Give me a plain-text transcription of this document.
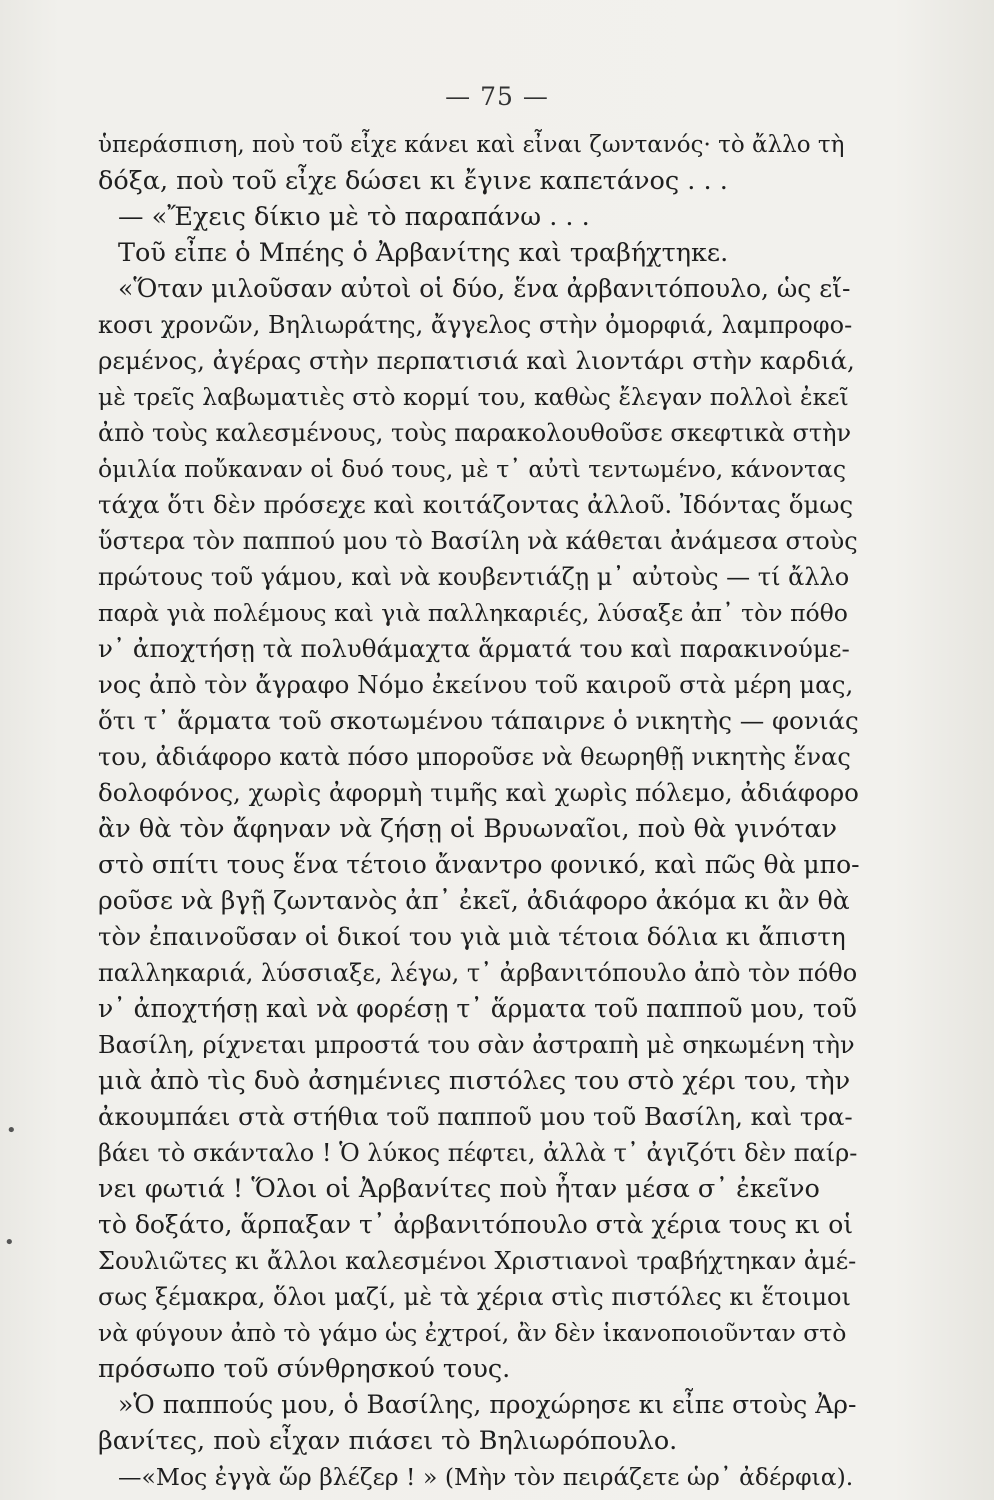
— 75 —
ὑπεράσπιση, ποὺ τοῦ εἶχε κάνει καὶ εἶναι ζωντανός· τὸ ἄλλο τὴ
δόξα, ποὺ τοῦ εἶχε δώσει κι ἔγινε καπετάνος . . .
— «Ἔχεις δίκιο μὲ τὸ παραπάνω . . .
Τοῦ εἶπε ὁ Μπέης ὁ Ἀρβανίτης καὶ τραβήχτηκε.
«Ὅταν μιλοῦσαν αὐτοὶ οἱ δύο, ἕνα ἀρβανιτόπουλο, ὡς εἴ-
κοσι χρονῶν, Βηλιωράτης, ἄγγελος στὴν ὀμορφιά, λαμπροφο-
ρεμένος, ἀγέρας στὴν περπατισιά καὶ λιοντάρι στὴν καρδιά,
μὲ τρεῖς λαβωματιὲς στὸ κορμί του, καθὼς ἔλεγαν πολλοὶ ἐκεῖ
ἀπὸ τοὺς καλεσμένους, τοὺς παρακολουθοῦσε σκεφτικὰ στὴν
ὁμιλία ποὔκαναν οἱ δυό τους, μὲ τ᾽ αὐτὶ τεντωμένο, κάνοντας
τάχα ὅτι δὲν πρόσεχε καὶ κοιτάζοντας ἀλλοῦ. Ἰδόντας ὅμως
ὕστερα τὸν παππού μου τὸ Βασίλη νὰ κάθεται ἀνάμεσα στοὺς
πρώτους τοῦ γάμου, καὶ νὰ κουβεντιάζῃ μ᾽ αὐτοὺς — τί ἄλλο
παρὰ γιὰ πολέμους καὶ γιὰ παλληκαριές, λύσαξε ἀπ᾽ τὸν πόθο
ν᾽ ἀποχτήσῃ τὰ πολυθάμαχτα ἅρματά του καὶ παρακινούμε-
νος ἀπὸ τὸν ἄγραφο Νόμο ἐκείνου τοῦ καιροῦ στὰ μέρη μας,
ὅτι τ᾽ ἅρματα τοῦ σκοτωμένου τάπαιρνε ὁ νικητὴς — φονιάς
του, ἀδιάφορο κατὰ πόσο μποροῦσε νὰ θεωρηθῇ νικητὴς ἕνας
δολοφόνος, χωρὶς ἀφορμὴ τιμῆς καὶ χωρὶς πόλεμο, ἀδιάφορο
ἂν θὰ τὸν ἄφηναν νὰ ζήσῃ οἱ Βρυωναῖοι, ποὺ θὰ γινόταν
στὸ σπίτι τους ἕνα τέτοιο ἄναντρο φονικό, καὶ πῶς θὰ μπο-
ροῦσε νὰ βγῇ ζωντανὸς ἀπ᾽ ἐκεῖ, ἀδιάφορο ἀκόμα κι ἂν θὰ
τὸν ἐπαινοῦσαν οἱ δικοί του γιὰ μιὰ τέτοια δόλια κι ἄπιστη
παλληκαριά, λύσσιαξε, λέγω, τ᾽ ἀρβανιτόπουλο ἀπὸ τὸν πόθο
ν᾽ ἀποχτήσῃ καὶ νὰ φορέσῃ τ᾽ ἅρματα τοῦ παπποῦ μου, τοῦ
Βασίλη, ρίχνεται μπροστά του σὰν ἀστραπὴ μὲ σηκωμένη τὴν
μιὰ ἀπὸ τὶς δυὸ ἀσημένιες πιστόλες του στὸ χέρι του, τὴν
ἀκουμπάει στὰ στήθια τοῦ παπποῦ μου τοῦ Βασίλη, καὶ τρα-
βάει τὸ σκάνταλο ! Ὁ λύκος πέφτει, ἀλλὰ τ᾽ ἀγιζότι δὲν παίρ-
νει φωτιά ! Ὅλοι οἱ Ἀρβανίτες ποὺ ἦταν μέσα σ᾽ ἐκεῖνο
τὸ δοξάτο, ἅρπαξαν τ᾽ ἀρβανιτόπουλο στὰ χέρια τους κι οἱ
Σουλιῶτες κι ἄλλοι καλεσμένοι Χριστιανοὶ τραβήχτηκαν ἀμέ-
σως ξέμακρα, ὅλοι μαζί, μὲ τὰ χέρια στὶς πιστόλες κι ἕτοιμοι
νὰ φύγουν ἀπὸ τὸ γάμο ὡς ἐχτροί, ἂν δὲν ἱκανοποιοῦνταν στὸ
πρόσωπο τοῦ σύνθρησκού τους.
»Ὁ παππούς μου, ὁ Βασίλης, προχώρησε κι εἶπε στοὺς Ἀρ-
βανίτες, ποὺ εἶχαν πιάσει τὸ Βηλιωρόπουλο.
—«Μος ἐγγὰ ὥρ βλέζερ ! » (Μὴν τὸν πειράζετε ὡρ᾽ ἀδέρφια).
•
•
